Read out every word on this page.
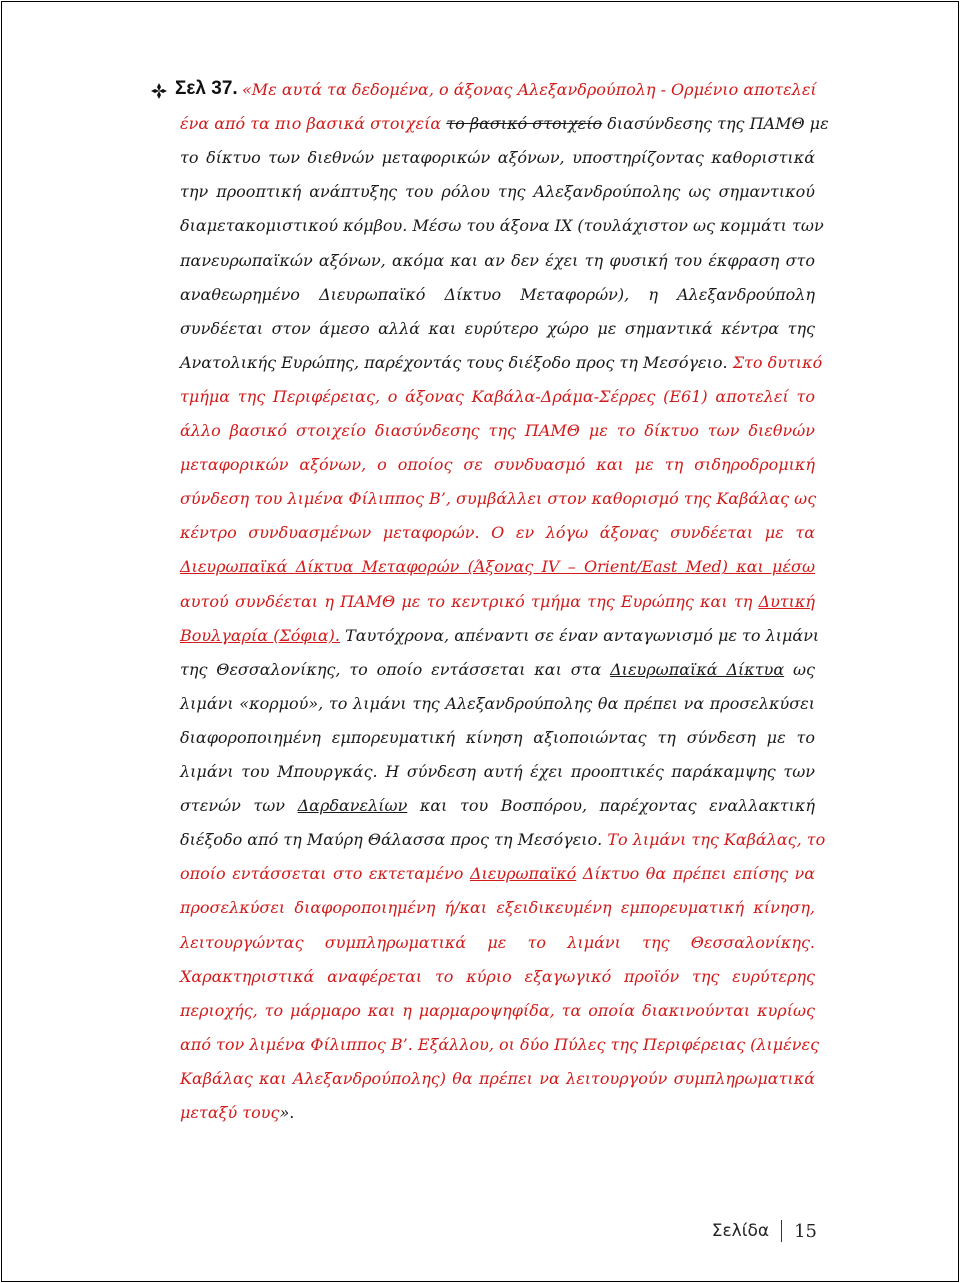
Σελ 37. «Με αυτά τα δεδομένα, ο άξονας Αλεξανδρούπολη - Ορμένιο αποτελεί
ένα από τα πιο βασικά στοιχεία το βασικό στοιχείο διασύνδεσης της ΠΑΜΘ με
το δίκτυο των διεθνών μεταφορικών αξόνων, υποστηρίζοντας καθοριστικά
την προοπτική ανάπτυξης του ρόλου της Αλεξανδρούπολης ως σημαντικού
διαμετακομιστικού κόμβου. Μέσω του άξονα ΙΧ (τουλάχιστον ως κομμάτι των
πανευρωπαϊκών αξόνων, ακόμα και αν δεν έχει τη φυσική του έκφραση στο
αναθεωρημένο Διευρωπαϊκό Δίκτυο Μεταφορών), η Αλεξανδρούπολη
συνδέεται στον άμεσο αλλά και ευρύτερο χώρο με σημαντικά κέντρα της
Ανατολικής Ευρώπης, παρέχοντάς τους διέξοδο προς τη Μεσόγειο. Στο δυτικό
τμήμα της Περιφέρειας, ο άξονας Καβάλα-Δράμα-Σέρρες (Ε61) αποτελεί το
άλλο βασικό στοιχείο διασύνδεσης της ΠΑΜΘ με το δίκτυο των διεθνών
μεταφορικών αξόνων, ο οποίος σε συνδυασμό και με τη σιδηροδρομική
σύνδεση του λιμένα Φίλιππος Β’, συμβάλλει στον καθορισμό της Καβάλας ως
κέντρο συνδυασμένων μεταφορών. Ο εν λόγω άξονας συνδέεται με τα
Διευρωπαϊκά Δίκτυα Μεταφορών (Άξονας IV – Orient/East Med) και μέσω
αυτού συνδέεται η ΠΑΜΘ με το κεντρικό τμήμα της Ευρώπης και τη Δυτική
Βουλγαρία (Σόφια). Ταυτόχρονα, απέναντι σε έναν ανταγωνισμό με το λιμάνι
της Θεσσαλονίκης, το οποίο εντάσσεται και στα Διευρωπαϊκά Δίκτυα ως
λιμάνι «κορμού», το λιμάνι της Αλεξανδρούπολης θα πρέπει να προσελκύσει
διαφοροποιημένη εμπορευματική κίνηση αξιοποιώντας τη σύνδεση με το
λιμάνι του Μπουργκάς. Η σύνδεση αυτή έχει προοπτικές παράκαμψης των
στενών των Δαρδανελίων και του Βοσπόρου, παρέχοντας εναλλακτική
διέξοδο από τη Μαύρη Θάλασσα προς τη Μεσόγειο. Το λιμάνι της Καβάλας, το
οποίο εντάσσεται στο εκτεταμένο Διευρωπαϊκό Δίκτυο θα πρέπει επίσης να
προσελκύσει διαφοροποιημένη ή/και εξειδικευμένη εμπορευματική κίνηση,
λειτουργώντας συμπληρωματικά με το λιμάνι της Θεσσαλονίκης.
Χαρακτηριστικά αναφέρεται το κύριο εξαγωγικό προϊόν της ευρύτερης
περιοχής, το μάρμαρο και η μαρμαροψηφίδα, τα οποία διακινούνται κυρίως
από τον λιμένα Φίλιππος Β’. Εξάλλου, οι δύο Πύλες της Περιφέρειας (λιμένες
Καβάλας και Αλεξανδρούπολης) θα πρέπει να λειτουργούν συμπληρωματικά
μεταξύ τους».
Σελίδα 15
